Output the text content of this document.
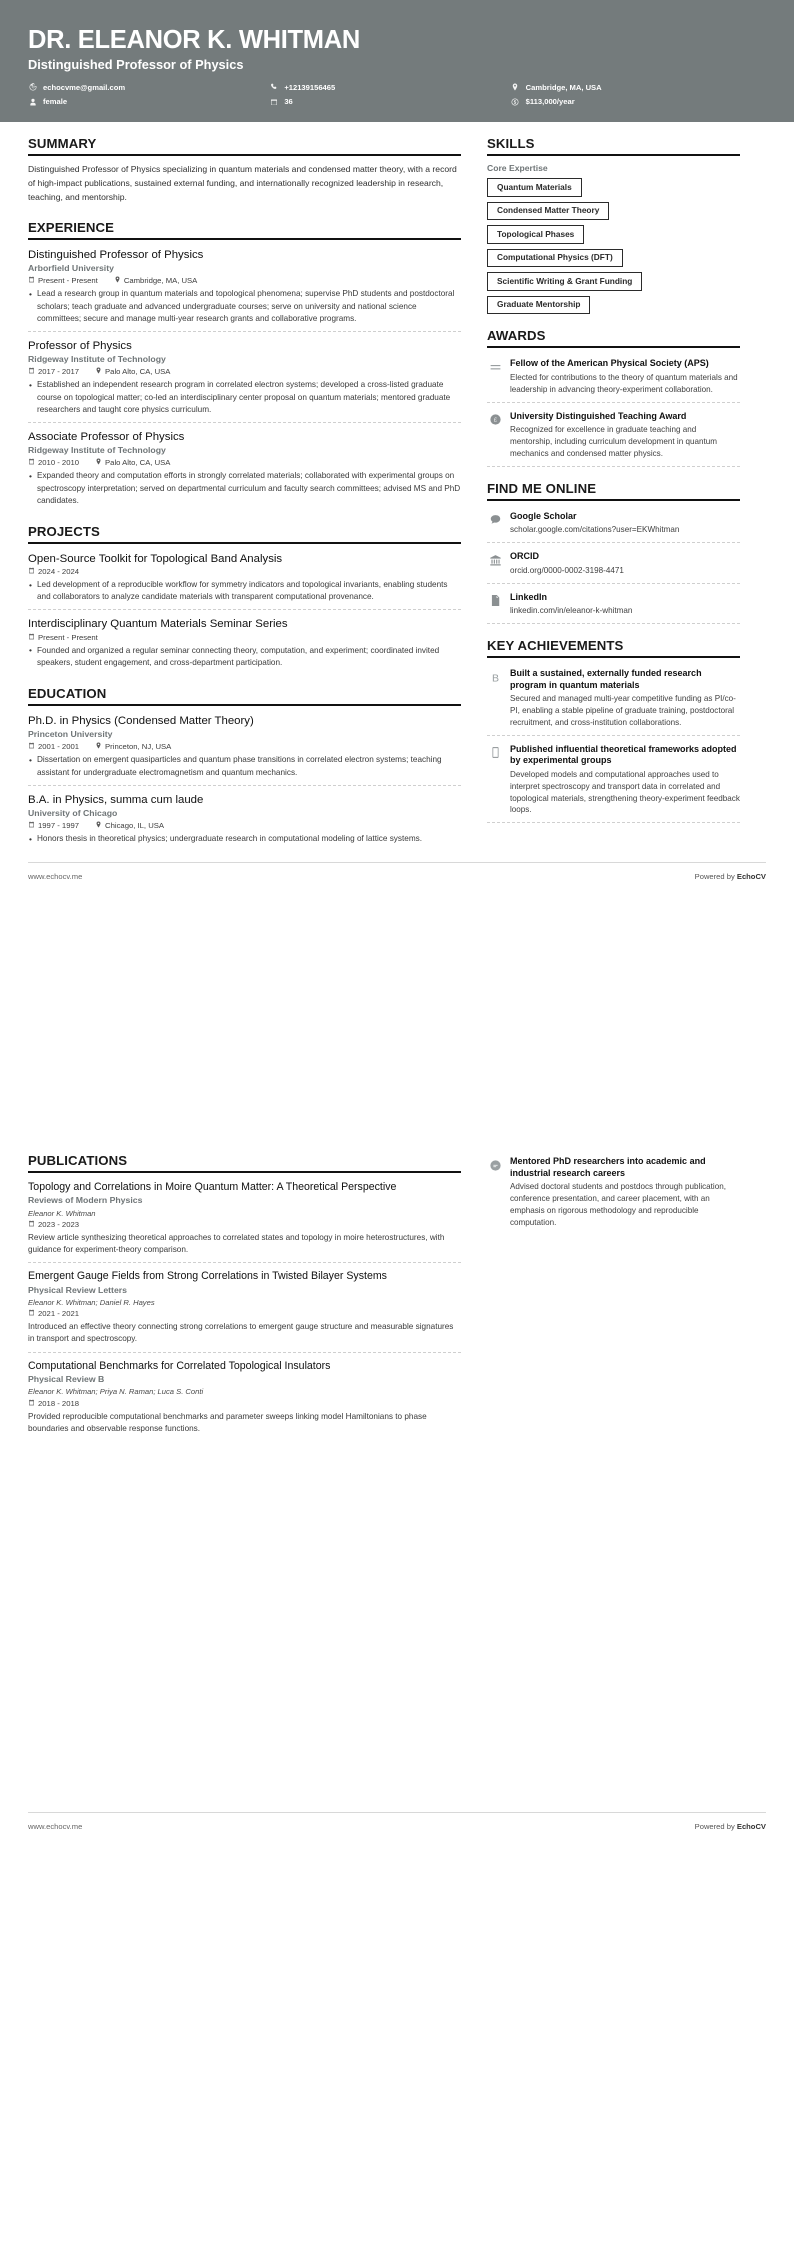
DR. ELEANOR K. WHITMAN
Distinguished Professor of Physics
echocvme@gmail.com	+12139156465	Cambridge, MA, USA
female	36	$113,000/year
SUMMARY
Distinguished Professor of Physics specializing in quantum materials and condensed matter theory, with a record of high-impact publications, sustained external funding, and internationally recognized leadership in research, teaching, and mentorship.
EXPERIENCE
Distinguished Professor of Physics
Arborfield University
Present - Present	Cambridge, MA, USA
• Lead a research group in quantum materials and topological phenomena; supervise PhD students and postdoctoral scholars; teach graduate and advanced undergraduate courses; serve on university and national science committees; secure and manage multi-year research grants and collaborative programs.
Professor of Physics
Ridgeway Institute of Technology
2017 - 2017	Palo Alto, CA, USA
• Established an independent research program in correlated electron systems; developed a cross-listed graduate course on topological matter; co-led an interdisciplinary center proposal on quantum materials; mentored graduate researchers and taught core physics curriculum.
Associate Professor of Physics
Ridgeway Institute of Technology
2010 - 2010	Palo Alto, CA, USA
• Expanded theory and computation efforts in strongly correlated materials; collaborated with experimental groups on spectroscopy interpretation; served on departmental curriculum and faculty search committees; advised MS and PhD candidates.
PROJECTS
Open-Source Toolkit for Topological Band Analysis
2024 - 2024
• Led development of a reproducible workflow for symmetry indicators and topological invariants, enabling students and collaborators to analyze candidate materials with transparent computational provenance.
Interdisciplinary Quantum Materials Seminar Series
Present - Present
• Founded and organized a regular seminar connecting theory, computation, and experiment; coordinated invited speakers, student engagement, and cross-department participation.
EDUCATION
Ph.D. in Physics (Condensed Matter Theory)
Princeton University
2001 - 2001	Princeton, NJ, USA
• Dissertation on emergent quasiparticles and quantum phase transitions in correlated electron systems; teaching assistant for undergraduate electromagnetism and quantum mechanics.
B.A. in Physics, summa cum laude
University of Chicago
1997 - 1997	Chicago, IL, USA
• Honors thesis in theoretical physics; undergraduate research in computational modeling of lattice systems.
SKILLS
Core Expertise
Quantum Materials
Condensed Matter Theory
Topological Phases
Computational Physics (DFT)
Scientific Writing & Grant Funding
Graduate Mentorship
AWARDS
Fellow of the American Physical Society (APS)
Elected for contributions to the theory of quantum materials and leadership in advancing theory-experiment collaboration.
£
University Distinguished Teaching Award
Recognized for excellence in graduate teaching and mentorship, including curriculum development in quantum mechanics and condensed matter physics.
FIND ME ONLINE
Google Scholar
scholar.google.com/citations?user=EKWhitman
ORCID
orcid.org/0000-0002-3198-4471
LinkedIn
linkedin.com/in/eleanor-k-whitman
KEY ACHIEVEMENTS
B Built a sustained, externally funded research program in quantum materials
Secured and managed multi-year competitive funding as PI/co-PI, enabling a stable pipeline of graduate training, postdoctoral recruitment, and cross-institution collaborations.
Published influential theoretical frameworks adopted by experimental groups
Developed models and computational approaches used to interpret spectroscopy and transport data in correlated and topological materials, strengthening theory-experiment feedback loops.
www.echocv.me	Powered by EchoCV
PUBLICATIONS
Topology and Correlations in Moire Quantum Matter: A Theoretical Perspective
Reviews of Modern Physics
Eleanor K. Whitman
2023 - 2023
Review article synthesizing theoretical approaches to correlated states and topology in moire heterostructures, with guidance for experiment-theory comparison.
Emergent Gauge Fields from Strong Correlations in Twisted Bilayer Systems
Physical Review Letters
Eleanor K. Whitman; Daniel R. Hayes
2021 - 2021
Introduced an effective theory connecting strong correlations to emergent gauge structure and measurable signatures in transport and spectroscopy.
Computational Benchmarks for Correlated Topological Insulators
Physical Review B
Eleanor K. Whitman; Priya N. Raman; Luca S. Conti
2018 - 2018
Provided reproducible computational benchmarks and parameter sweeps linking model Hamiltonians to phase boundaries and observable response functions.
Mentored PhD researchers into academic and industrial research careers
Advised doctoral students and postdocs through publication, conference presentation, and career placement, with an emphasis on rigorous methodology and reproducible computation.
www.echocv.me	Powered by EchoCV
